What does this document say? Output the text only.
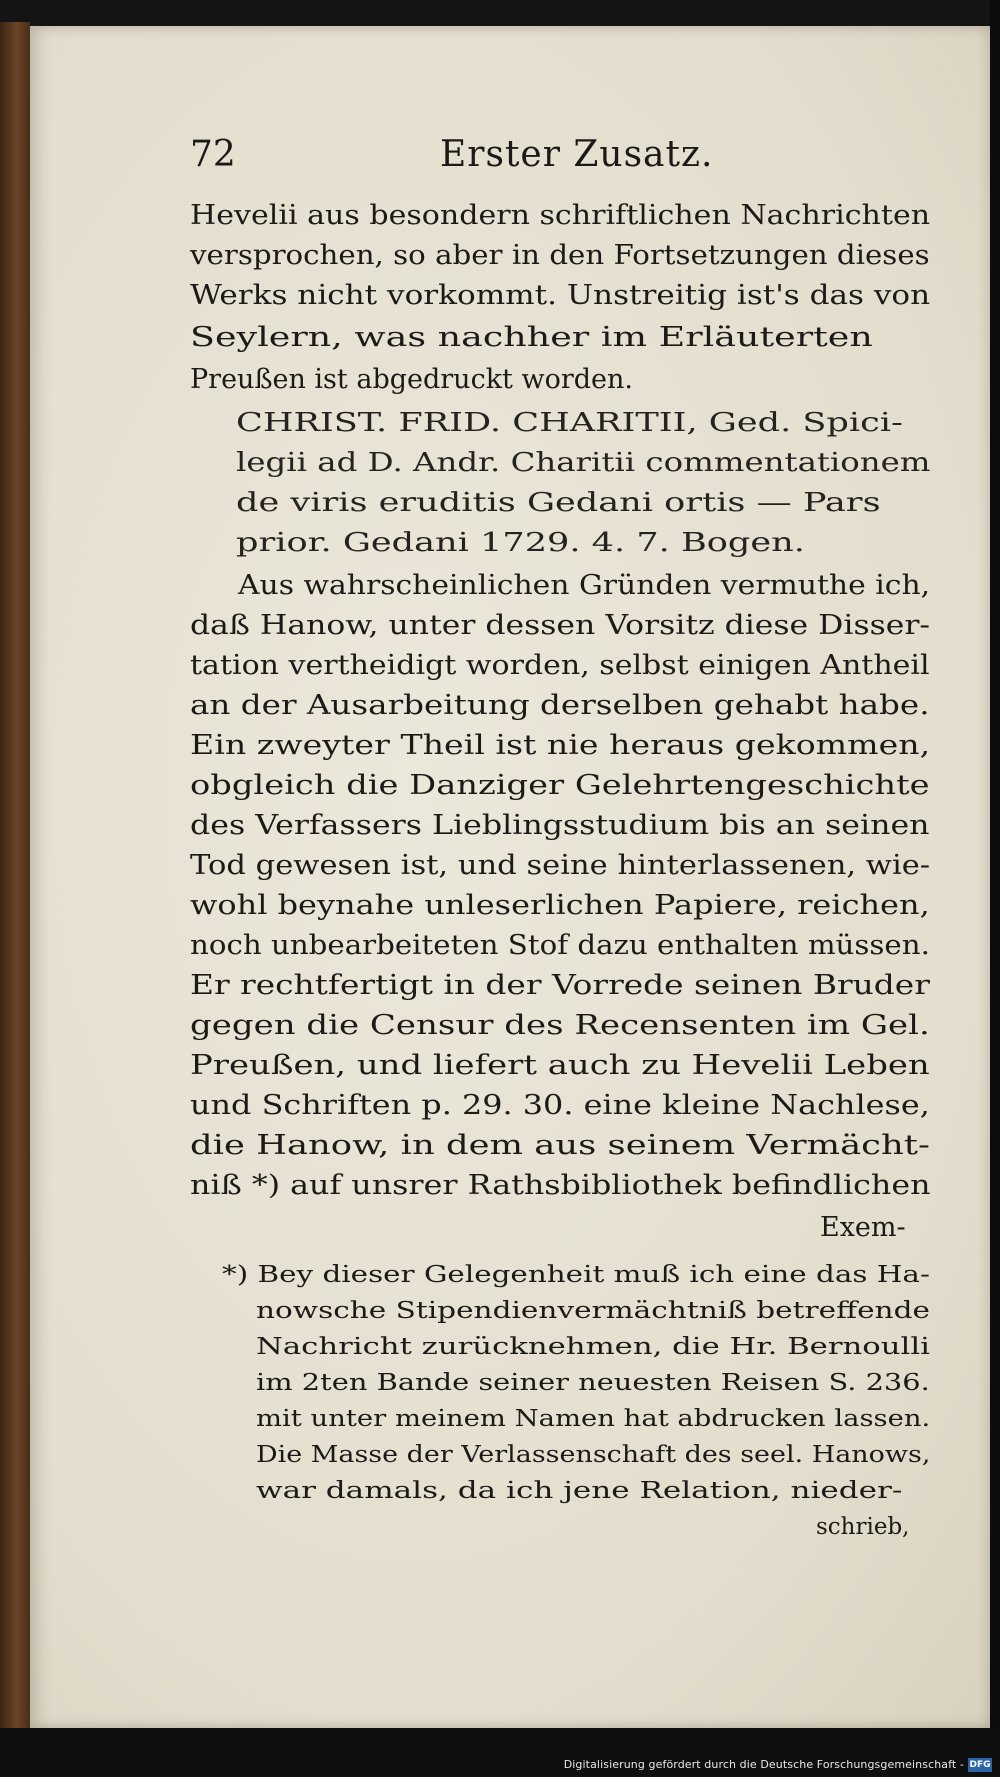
72	Erster Zusatz.
Hevelii aus besondern schriftlichen Nachrichten
versprochen, so aber in den Fortsetzungen dieses
Werks nicht vorkommt. Unstreitig ist's das von
Seylern, was nachher im Erläuterten
Preußen ist abgedruckt worden.
CHRIST. FRID. CHARITII, Ged. Spici-
legii ad D. Andr. Charitii commentationem
de viris eruditis Gedani ortis — Pars
prior. Gedani 1729. 4. 7. Bogen.
Aus wahrscheinlichen Gründen vermuthe ich,
daß Hanow, unter dessen Vorsitz diese Disser-
tation vertheidigt worden, selbst einigen Antheil
an der Ausarbeitung derselben gehabt habe.
Ein zweyter Theil ist nie heraus gekommen,
obgleich die Danziger Gelehrtengeschichte
des Verfassers Lieblingsstudium bis an seinen
Tod gewesen ist, und seine hinterlassenen, wie-
wohl beynahe unleserlichen Papiere, reichen,
noch unbearbeiteten Stof dazu enthalten müssen.
Er rechtfertigt in der Vorrede seinen Bruder
gegen die Censur des Recensenten im Gel.
Preußen, und liefert auch zu Hevelii Leben
und Schriften p. 29. 30. eine kleine Nachlese,
die Hanow, in dem aus seinem Vermächt-
niß *) auf unsrer Rathsbibliothek befindlichen
Exem-
*) Bey dieser Gelegenheit muß ich eine das Ha-
nowsche Stipendienvermächtniß betreffende
Nachricht zurücknehmen, die Hr. Bernoulli
im 2ten Bande seiner neuesten Reisen S. 236.
mit unter meinem Namen hat abdrucken lassen.
Die Masse der Verlassenschaft des seel. Hanows,
war damals, da ich jene Relation, nieder-
schrieb,
Digitalisierung gefördert durch die Deutsche Forschungsgemeinschaft - DFG
